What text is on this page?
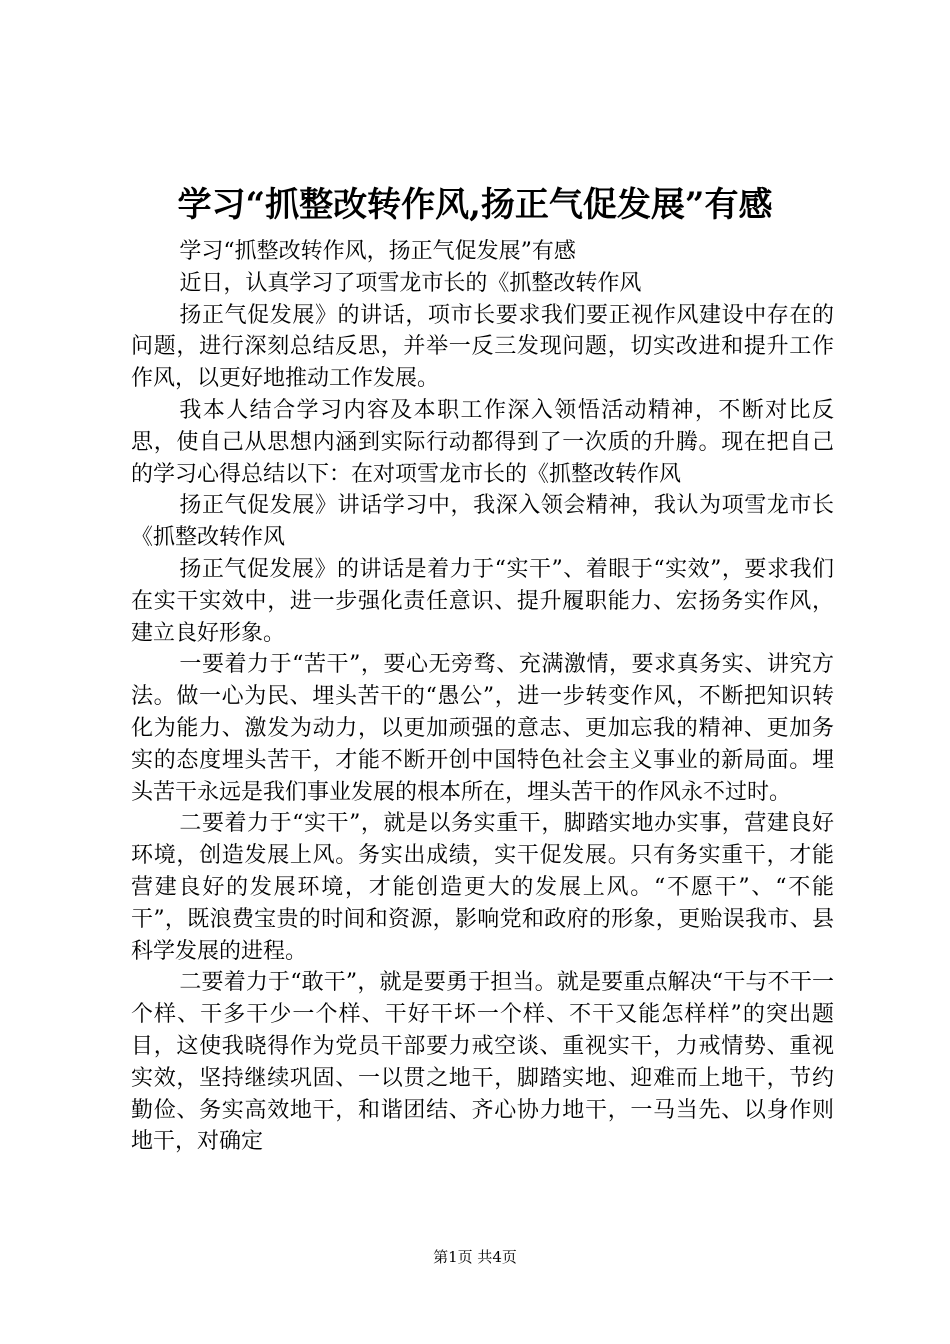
学习“抓整改转作风,扬正气促发展”有感

学习“抓整改转作风，扬正气促发展”有感

近日，认真学习了项雪龙市长的《抓整改转作风

扬正气促发展》的讲话，项市长要求我们要正视作风建设中存在的问题，进行深刻总结反思，并举一反三发现问题，切实改进和提升工作作风，以更好地推动工作发展。

我本人结合学习内容及本职工作深入领悟活动精神，不断对比反思，使自己从思想内涵到实际行动都得到了一次质的升腾。现在把自己的学习心得总结以下：在对项雪龙市长的《抓整改转作风

扬正气促发展》讲话学习中，我深入领会精神，我认为项雪龙市长《抓整改转作风

扬正气促发展》的讲话是着力于“实干”、着眼于“实效”，要求我们在实干实效中，进一步强化责任意识、提升履职能力、宏扬务实作风，建立良好形象。

一要着力于“苦干”，要心无旁骛、充满激情，要求真务实、讲究方法。做一心为民、埋头苦干的“愚公”，进一步转变作风，不断把知识转化为能力、激发为动力，以更加顽强的意志、更加忘我的精神、更加务实的态度埋头苦干，才能不断开创中国特色社会主义事业的新局面。埋头苦干永远是我们事业发展的根本所在，埋头苦干的作风永不过时。

二要着力于“实干”，就是以务实重干，脚踏实地办实事，营建良好环境，创造发展上风。务实出成绩，实干促发展。只有务实重干，才能营建良好的发展环境，才能创造更大的发展上风。“不愿干”、“不能干”，既浪费宝贵的时间和资源，影响党和政府的形象，更贻误我市、县科学发展的进程。

二要着力于“敢干”，就是要勇于担当。就是要重点解决“干与不干一个样、干多干少一个样、干好干坏一个样、不干又能怎样样”的突出题目，这使我晓得作为党员干部要力戒空谈、重视实干，力戒情势、重视实效，坚持继续巩固、一以贯之地干，脚踏实地、迎难而上地干，节约勤俭、务实高效地干，和谐团结、齐心协力地干，一马当先、以身作则地干，对确定

第1页 共4页
